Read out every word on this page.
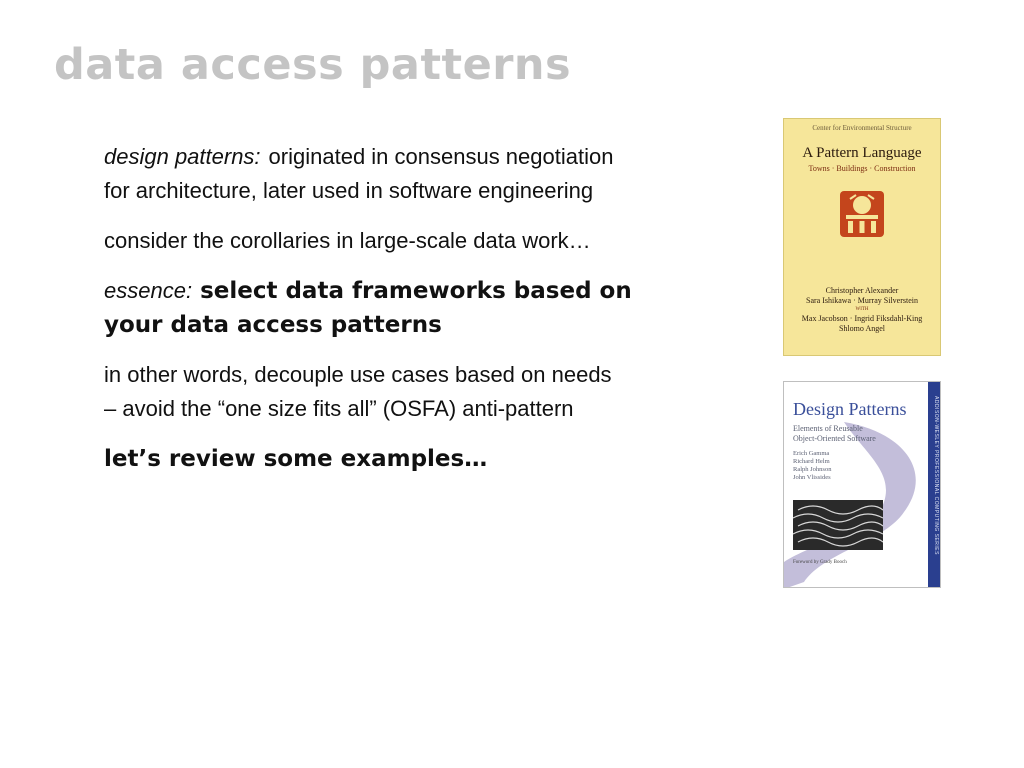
data access patterns

design patterns: originated in consensus negotiation
for architecture, later used in software engineering

consider the corollaries in large-scale data work…

essence: select data frameworks based on
your data access patterns

in other words, decouple use cases based on needs
– avoid the “one size fits all” (OSFA) anti-pattern

let’s review some examples…

Center for Environmental Structure
A Pattern Language
Towns · Buildings · Construction
Christopher Alexander
Sara Ishikawa · Murray Silverstein
WITH
Max Jacobson · Ingrid Fiksdahl-King
Shlomo Angel
Design Patterns
Elements of Reusable
Object-Oriented Software
Erich Gamma
Richard Helm
Ralph Johnson
John Vlissides
Foreword by Grady Booch
ADDISON-WESLEY PROFESSIONAL COMPUTING SERIES
